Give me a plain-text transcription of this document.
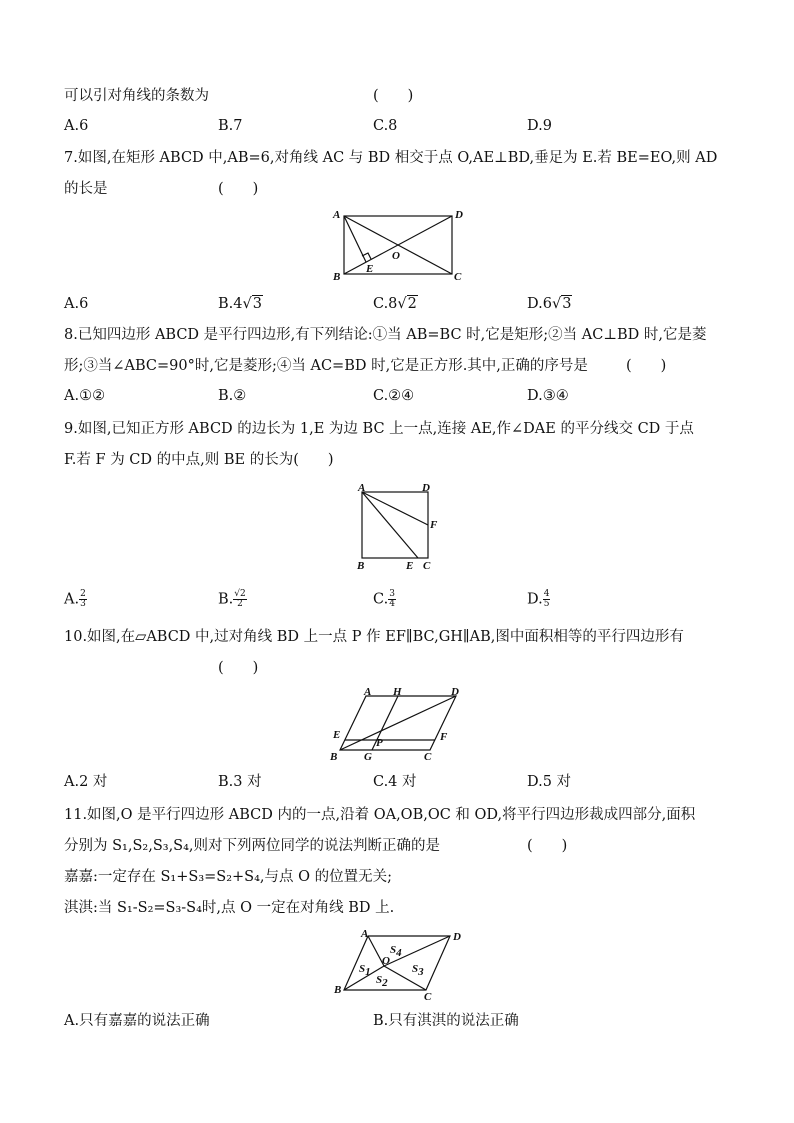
可以引对角线的条数为	(　　)
A.6	B.7	C.8	D.9
7.如图,在矩形 ABCD 中,AB=6,对角线 AC 与 BD 相交于点 O,AE⊥BD,垂足为 E.若 BE=EO,则 AD
的长是	(　　)
A	D
B	C
E
O
A.6	B.4√3	C.8√2	D.6√3
8.已知四边形 ABCD 是平行四边形,有下列结论:①当 AB=BC 时,它是矩形;②当 AC⊥BD 时,它是菱
形;③当∠ABC=90°时,它是菱形;④当 AC=BD 时,它是正方形.其中,正确的序号是	(　　)
A.①②	B.②	C.②④	D.③④
9.如图,已知正方形 ABCD 的边长为 1,E 为边 BC 上一点,连接 AE,作∠DAE 的平分线交 CD 于点
F.若 F 为 CD 的中点,则 BE 的长为(　　)
A	D
B	E C
F
A. $\frac{2}{3}$	B. $\frac{√2}{2}$	C. $\frac{3}{4}$	D. $\frac{4}{5}$
10.如图,在▱ABCD 中,过对角线 BD 上一点 P 作 EF∥BC,GH∥AB,图中面积相等的平行四边形有
(　　)
A H	D
E
P	F
B G	C
A.2 对	B.3 对	C.4 对	D.5 对
11.如图,O 是平行四边形 ABCD 内的一点,沿着 OA,OB,OC 和 OD,将平行四边形裁成四部分,面积
分别为 S₁,S₂,S₃,S₄,则对下列两位同学的说法判断正确的是	(　　)
嘉嘉:一定存在 S₁+S₃=S₂+S₄,与点 O 的位置无关;
淇淇:当 S₁-S₂=S₃-S₄时,点 O 一定在对角线 BD 上.
A	D
B
C
O
S1
S2
S3
S4
A.只有嘉嘉的说法正确	B.只有淇淇的说法正确
